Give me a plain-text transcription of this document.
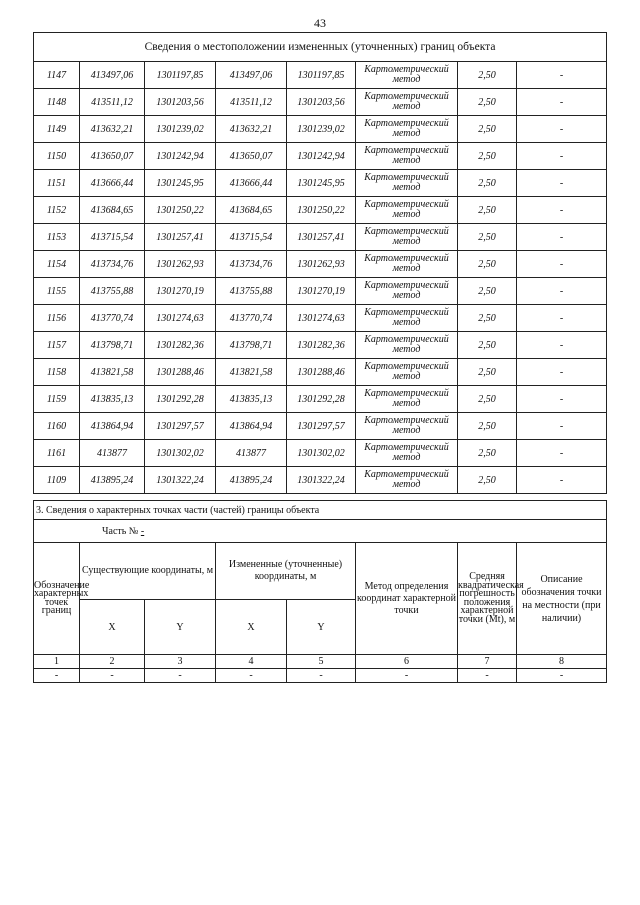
43
Сведения о местоположении измененных (уточненных) границ объекта							
1147	413497,06	1301197,85	413497,06	1301197,85	Картометрический метод	2,50	-
1148	413511,12	1301203,56	413511,12	1301203,56	Картометрический метод	2,50	-
1149	413632,21	1301239,02	413632,21	1301239,02	Картометрический метод	2,50	-
1150	413650,07	1301242,94	413650,07	1301242,94	Картометрический метод	2,50	-
1151	413666,44	1301245,95	413666,44	1301245,95	Картометрический метод	2,50	-
1152	413684,65	1301250,22	413684,65	1301250,22	Картометрический метод	2,50	-
1153	413715,54	1301257,41	413715,54	1301257,41	Картометрический метод	2,50	-
1154	413734,76	1301262,93	413734,76	1301262,93	Картометрический метод	2,50	-
1155	413755,88	1301270,19	413755,88	1301270,19	Картометрический метод	2,50	-
1156	413770,74	1301274,63	413770,74	1301274,63	Картометрический метод	2,50	-
1157	413798,71	1301282,36	413798,71	1301282,36	Картометрический метод	2,50	-
1158	413821,58	1301288,46	413821,58	1301288,46	Картометрический метод	2,50	-
1159	413835,13	1301292,28	413835,13	1301292,28	Картометрический метод	2,50	-
1160	413864,94	1301297,57	413864,94	1301297,57	Картометрический метод	2,50	-
1161	413877	1301302,02	413877	1301302,02	Картометрический метод	2,50	-
1109	413895,24	1301322,24	413895,24	1301322,24	Картометрический метод	2,50	-
3. Сведения о характерных точках части (частей) границы объекта							
Часть № -							
Обозначение характерных точек границ	Существующие координаты, м		Измененные (уточненные) координаты, м		Метод определения координат характерной точки	Средняя квадратическая погрешность положения характерной точки (Mt), м	Описание обозначения точки на местности (при наличии)
	X	Y	X	Y			
1	2	3	4	5	6	7	8
-	-	-	-	-	-	-	-
